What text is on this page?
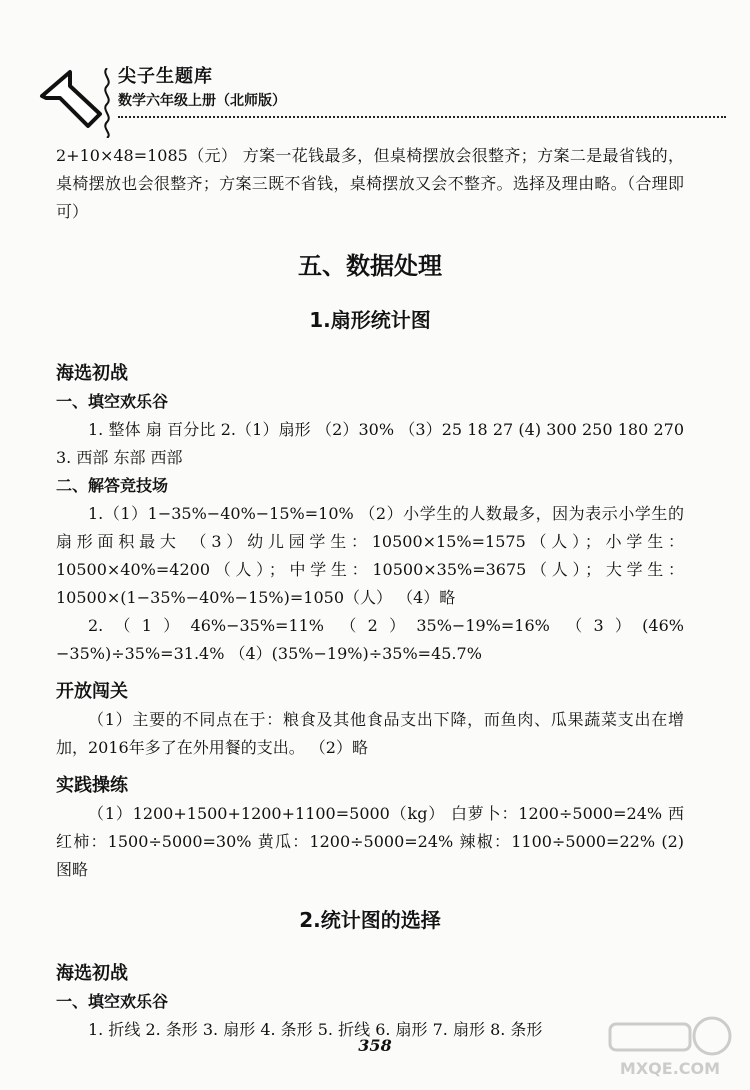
尖子生题库
数学六年级上册（北师版）

2+10×48=1085（元） 方案一花钱最多，但桌椅摆放会很整齐；方案二是最省钱的，桌椅摆放也会很整齐；方案三既不省钱，桌椅摆放又会不整齐。选择及理由略。（合理即可）

五、数据处理
1.扇形统计图
海选初战
一、填空欢乐谷

1. 整体 扇 百分比 2.（1）扇形 （2）30% （3）25 18 27 (4) 300 250 180 270 3. 西部 东部 西部

二、解答竞技场

1.（1）1−35%−40%−15%=10% （2）小学生的人数最多，因为表示小学生的扇形面积最大 （3）幼儿园学生：10500×15%=1575（人）；小学生：10500×40%=4200（人）；中学生：10500×35%=3675（人）；大学生：10500×(1−35%−40%−15%)=1050（人） （4）略

2.（1）46%−35%=11% （2）35%−19%=16% （3）(46%−35%)÷35%=31.4% （4）(35%−19%)÷35%=45.7%

开放闯关

（1）主要的不同点在于：粮食及其他食品支出下降，而鱼肉、瓜果蔬菜支出在增加，2016年多了在外用餐的支出。 （2）略

实践操练

（1）1200+1500+1200+1100=5000（kg） 白萝卜：1200÷5000=24% 西红柿：1500÷5000=30% 黄瓜：1200÷5000=24% 辣椒：1100÷5000=22% (2) 图略

2.统计图的选择
海选初战
一、填空欢乐谷

1. 折线 2. 条形 3. 扇形 4. 条形 5. 折线 6. 扇形 7. 扇形 8. 条形

358
MXQE.COM
